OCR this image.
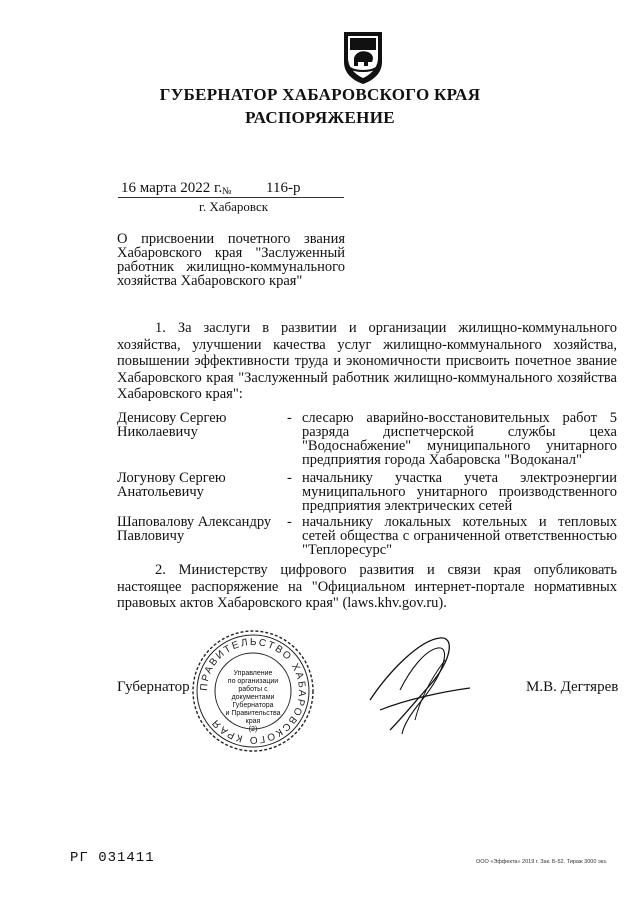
ГУБЕРНАТОР ХАБАРОВСКОГО КРАЯ
РАСПОРЯЖЕНИЕ
16 марта 2022 г. № 116-р
г. Хабаровск
О присвоении почетного звания Хабаровского края "Заслуженный работник жилищно-коммунального хозяйства Хабаровского края"
1. За заслуги в развитии и организации жилищно-коммунального хозяйства, улучшении качества услуг жилищно-коммунального хозяйства, повышении эффективности труда и экономичности присвоить почетное звание Хабаровского края "Заслуженный работник жилищно-коммунального хозяйства Хабаровского края":
Денисову Сергею Николаевичу
- слесарю аварийно-восстановительных работ 5 разряда диспетчерской службы цеха "Водоснабжение" муниципального унитарного предприятия города Хабаровска "Водоканал"
Логунову Сергею Анатольевичу
- начальнику участка учета электроэнергии муниципального унитарного производственного предприятия электрических сетей
Шаповалову Александру Павловичу
- начальнику локальных котельных и тепловых сетей общества с ограниченной ответственностью "Теплоресурс"
2. Министерству цифрового развития и связи края опубликовать настоящее распоряжение на "Официальном интернет-портале нормативных правовых актов Хабаровского края" (laws.khv.gov.ru).
ПРАВИТЕЛЬСТВО ХАБАРОВСКОГО КРАЯ
Управление
по организации
работы с документами
Губернатора
и Правительства
края
(2)
Губернатор	М.В. Дегтярев
РГ 031411	ООО «Эффекта» 2019 г. Зак. Б-52. Тираж 3000 экз.
